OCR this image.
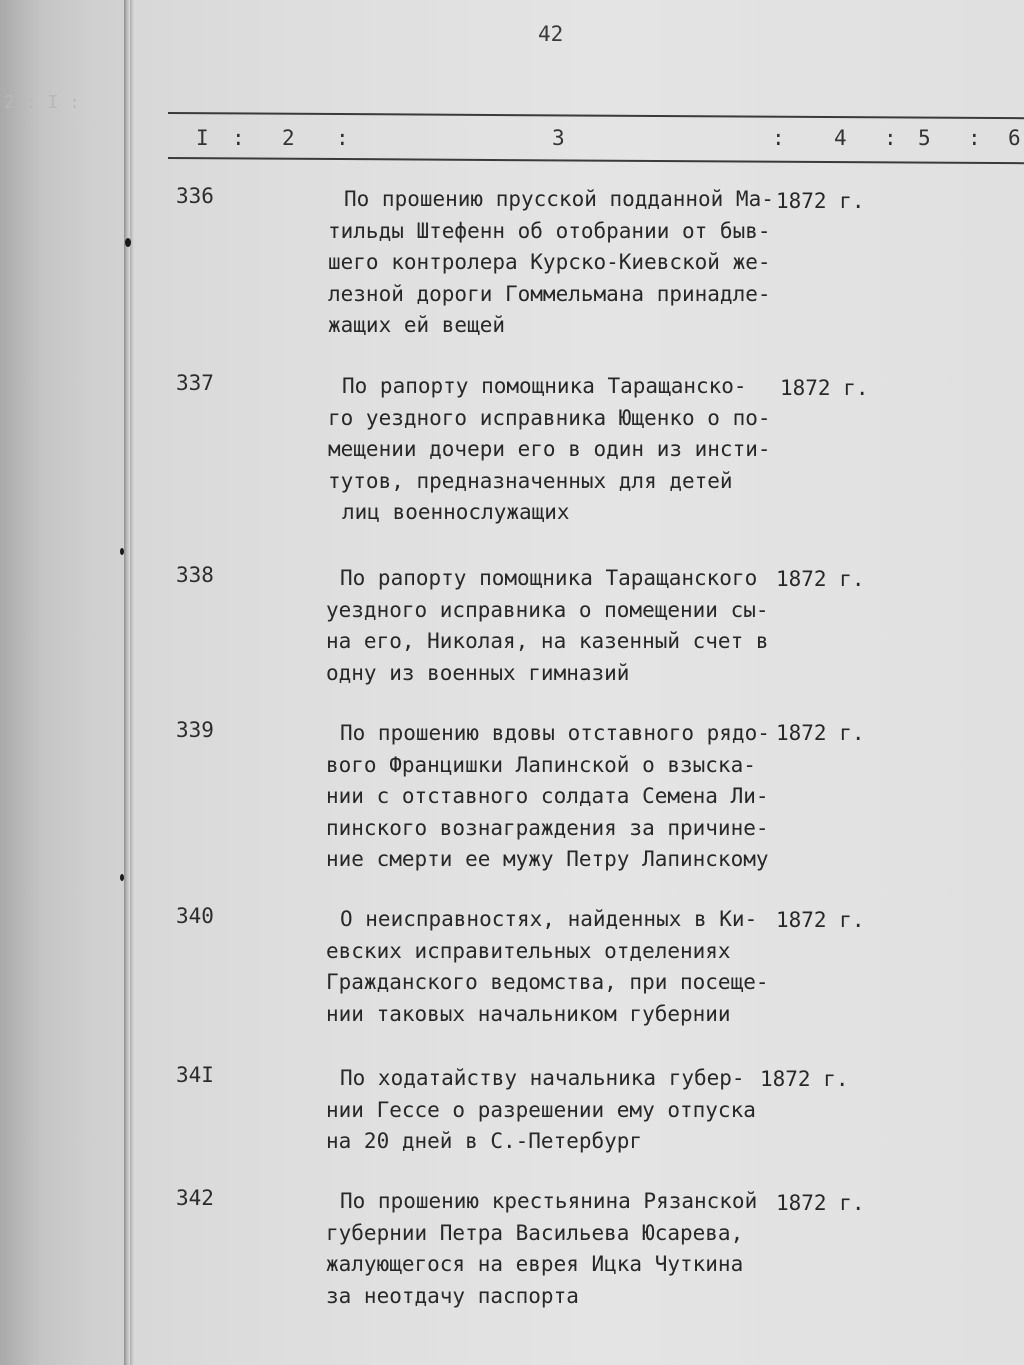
2 : I :
42
I : 2 :	3	: 4 : 5 : 6
336	По прошению прусской подданной Ма-
тильды Штефенн об отобрании от быв-
шего контролера Курско-Киевской же-
лезной дороги Гоммельмана принадле-
жащих ей вещей
1872 г.
337	По рапорту помощника Таращанско-
го уездного исправника Ющенко о по-
мещении дочери его в один из инсти-
тутов, предназначенных для детей
лиц военнослужащих
1872 г.
338	По рапорту помощника Таращанского
уездного исправника о помещении сы-
на его, Николая, на казенный счет в
одну из военных гимназий
1872 г.
339	По прошению вдовы отставного рядо-
вого Францишки Лапинской о взыска-
нии с отставного солдата Семена Ли-
пинского вознаграждения за причине-
ние смерти ее мужу Петру Лапинскому
1872 г.
340	О неисправностях, найденных в Ки-
евских исправительных отделениях
Гражданского ведомства, при посеще-
нии таковых начальником губернии
1872 г.
34I	По ходатайству начальника губер-
нии Гессе о разрешении ему отпуска
на 20 дней в С.-Петербург
1872 г.
342	По прошению крестьянина Рязанской
губернии Петра Васильева Юсарева,
жалующегося на еврея Ицка Чуткина
за неотдачу паспорта
1872 г.
